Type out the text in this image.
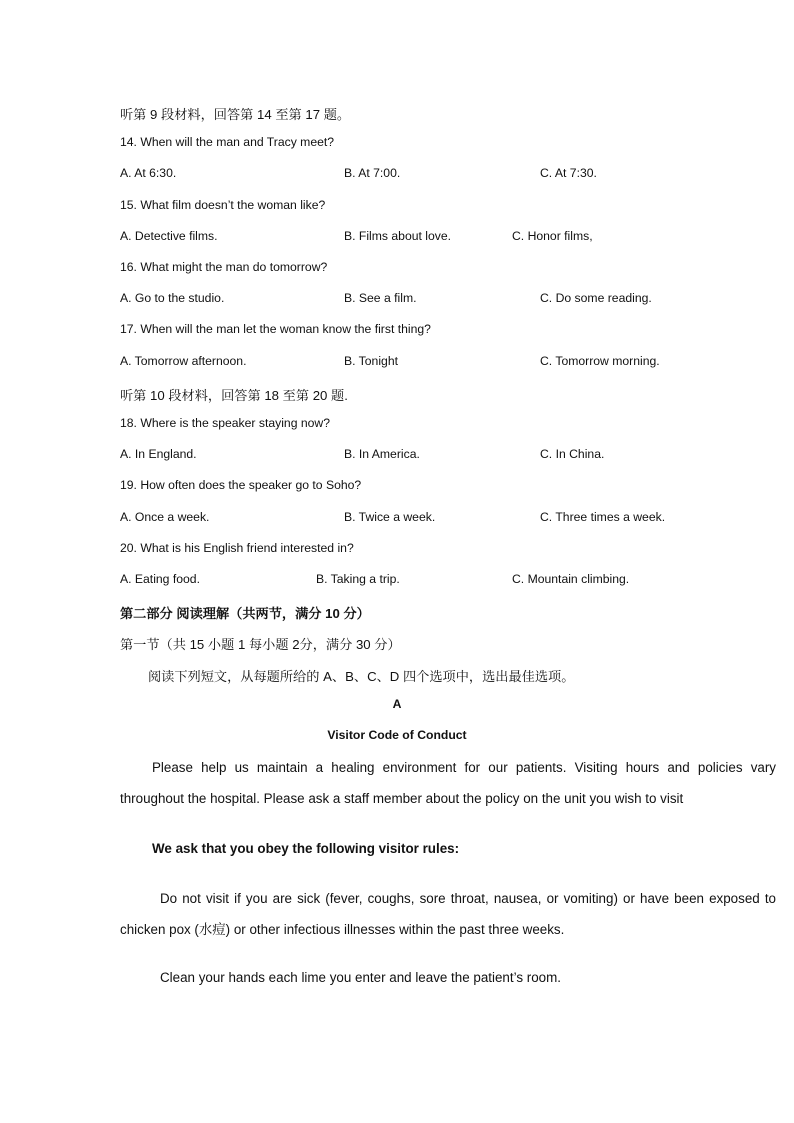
听第 9 段材料，回答第 14 至第 17 题。
14. When will the man and Tracy meet?
A. At 6:30.	B. At 7:00.	C. At 7:30.
15. What film doesn’t the woman like?
A. Detective films.	B. Films about love.	C. Honor films,
16. What might the man do tomorrow?
A. Go to the studio.	B. See a film.	C. Do some reading.
17. When will the man let the woman know the first thing?
A. Tomorrow afternoon.	B. Tonight	C. Tomorrow morning.
听第 10 段材料，回答第 18 至第 20 题.
18. Where is the speaker staying now?
A. In England.	B. In America.	C. In China.
19. How often does the speaker go to Soho?
A. Once a week.	B. Twice a week.	C. Three times a week.
20. What is his English friend interested in?
A. Eating food.	B. Taking a trip.	C. Mountain climbing.
第二部分 阅读理解（共两节，满分 10 分）
第一节（共 15 小题 1 每小题 2分，满分 30 分）
阅读下列短文，从每题所给的 A、B、C、D 四个选项中，选出最佳选项。
A
Visitor Code of Conduct
Please help us maintain a healing environment for our patients. Visiting hours and policies vary throughout the hospital. Please ask a staff member about the policy on the unit you wish to visit
We ask that you obey the following visitor rules:
Do not visit if you are sick (fever, coughs, sore throat, nausea, or vomiting) or have been exposed to chicken pox (水痘) or other infectious illnesses within the past three weeks.
Clean your hands each lime you enter and leave the patient’s room.
